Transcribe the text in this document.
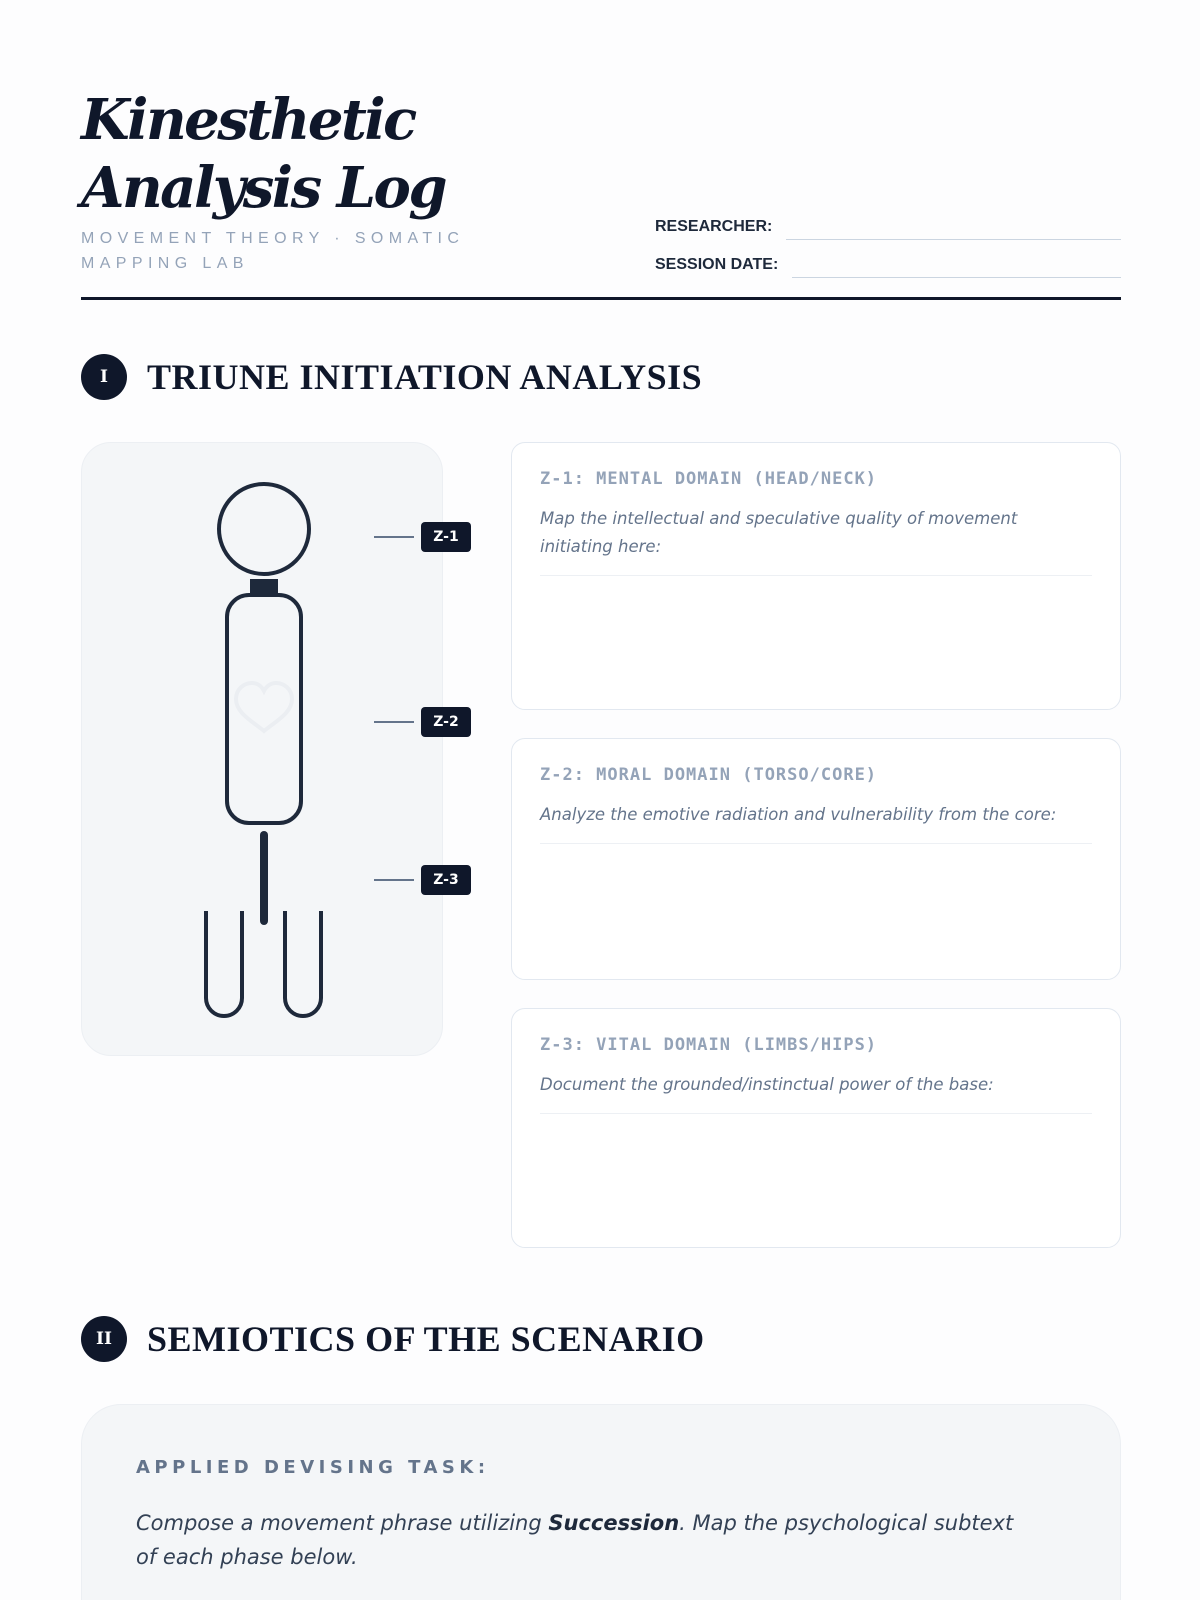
Kinesthetic
Analysis Log
MOVEMENT THEORY · SOMATIC MAPPING LAB
RESEARCHER:
SESSION DATE:
I	TRIUNE INITIATION ANALYSIS
Z-1
Z-2
Z-3
Z-1: MENTAL DOMAIN (HEAD/NECK)
Map the intellectual and speculative quality of movement initiating here:
Z-2: MORAL DOMAIN (TORSO/CORE)
Analyze the emotive radiation and vulnerability from the core:
Z-3: VITAL DOMAIN (LIMBS/HIPS)
Document the grounded/instinctual power of the base:
II SEMIOTICS OF THE SCENARIO
APPLIED DEVISING TASK:

Compose a movement phrase utilizing Succession. Map the psychological subtext of each phase below.
